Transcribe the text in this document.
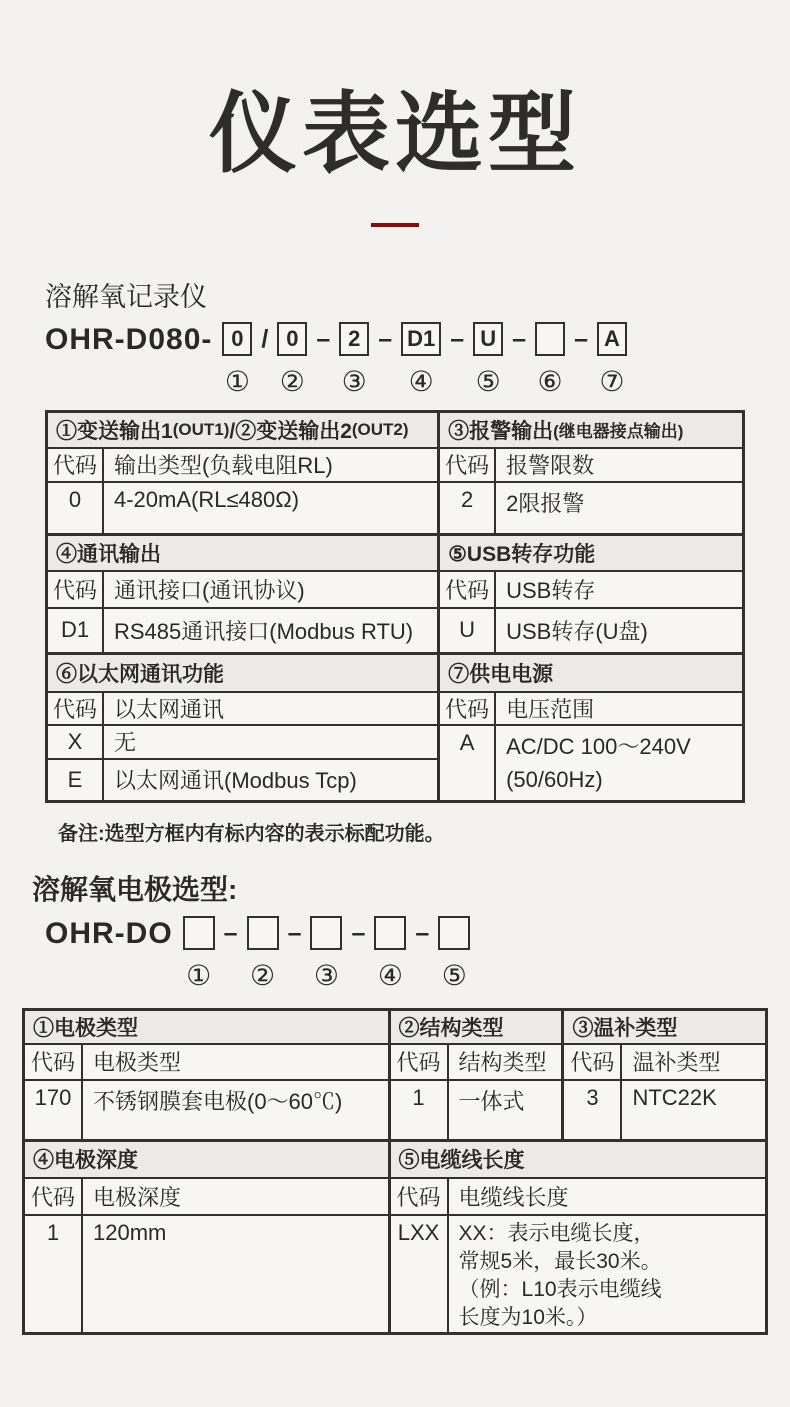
仪表选型
溶解氧记录仪
OHR-D080- 0
①
/ 0
②
– 2
③
– D1
④
– U
⑤
–
⑥
– A
⑦
①变送输出1 (OUT1) /②变送输出2 (OUT2)
代码 输出类型(负载电阻RL)
0	4-20mA(RL≤480Ω)
④通讯输出
代码 通讯接口(通讯协议)
D1	RS485通讯接口(Modbus RTU)
⑥以太网通讯功能
代码 以太网通讯
X	无
E	以太网通讯(Modbus Tcp)
③报警输出 (继电器接点输出)
代码 报警限数
2	2限报警
⑤USB转存功能
代码 USB转存
U	USB转存(U盘)
⑦供电电源
代码 电压范围
A	AC/DC 100～240V
(50/60Hz)
备注:选型方框内有标内容的表示标配功能。
溶解氧电极选型:
OHR-DO
①
–
②
–
③
–
④
–
⑤
①电极类型
代码 电极类型
170 不锈钢膜套电极(0～60℃)
②结构类型
代码 结构类型
1	一体式
③温补类型
代码 温补类型
3	NTC22K
④电极深度
代码 电极深度
1	120mm
⑤电缆线长度
代码 电缆线长度
LXX XX：表示电缆长度，
常规5米，最长30米。
（例：L10表示电缆线
长度为10米。）
